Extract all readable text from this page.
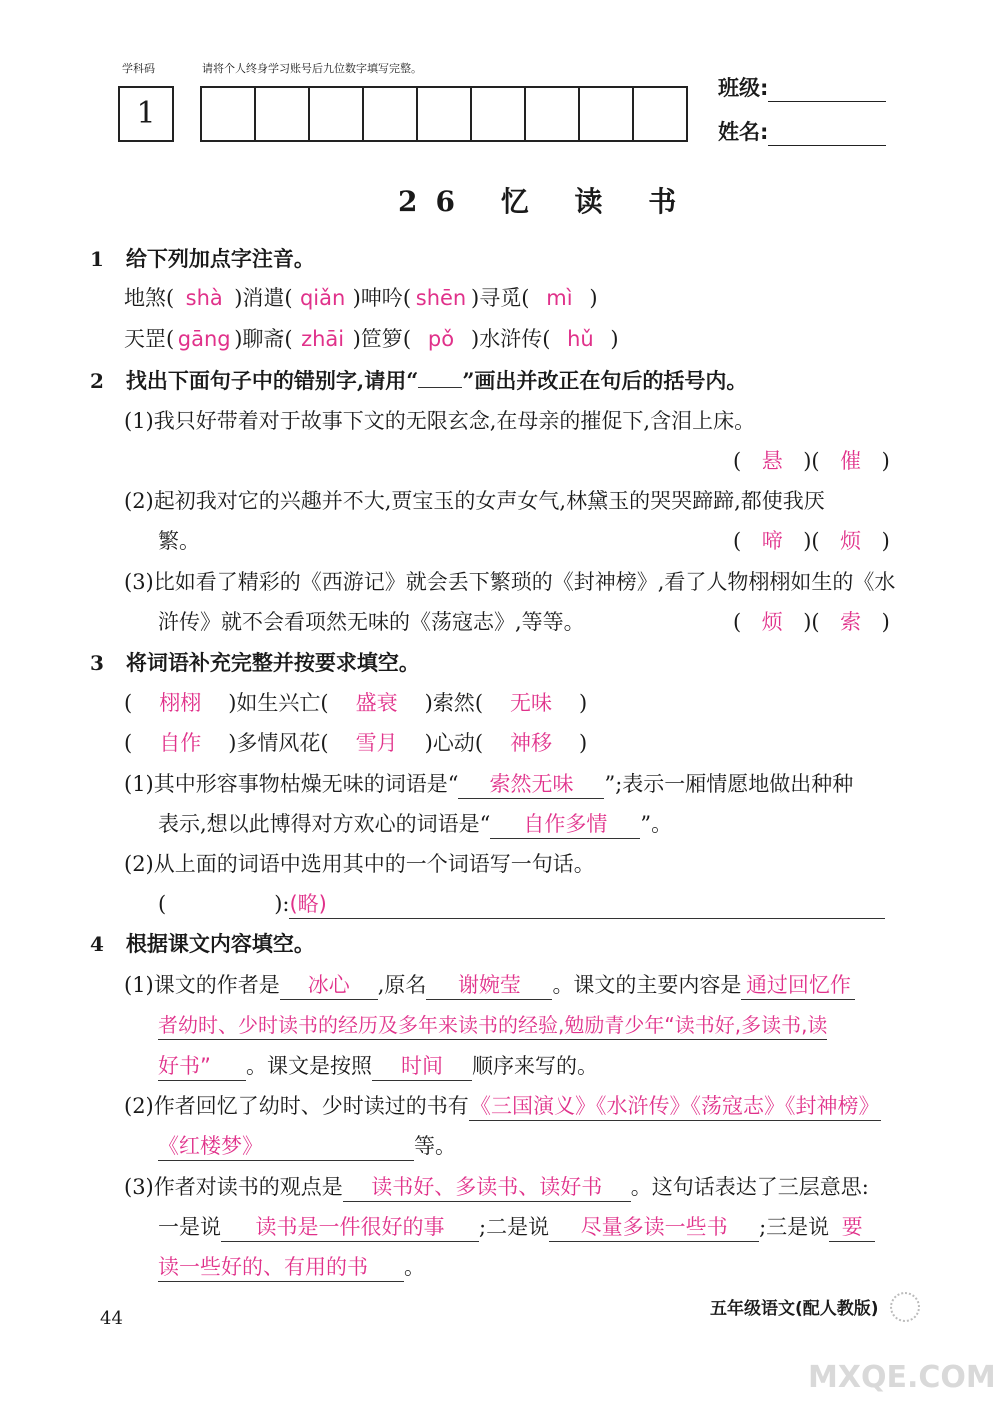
学科码	请将个人终身学习账号后九位数字填写完整。
1
班级:
姓名:
26 忆 读 书
1 给下列加点字注音。
地煞( shà )消遣( qiǎn )呻吟( shēn )寻觅( mì )
天罡( gāng )聊斋( zhāi )笸箩( pǒ )水浒传( hǔ )
2 找出下面句子中的错别字,请用“ ”画出并改正在句后的括号内。
(1)我只好带着对于故事下文的无限玄念,在母亲的摧促下,含泪上床。
( 悬 )( 催 )
(2)起初我对它的兴趣并不大,贾宝玉的女声女气,林黛玉的哭哭蹄蹄,都使我厌
繁。	( 啼 )( 烦 )
(3)比如看了精彩的《西游记》就会丢下繁琐的《封神榜》,看了人物栩栩如生的《水
浒传》就不会看项然无味的《荡寇志》,等等。	( 烦 )( 索 )
3 将词语补充完整并按要求填空。
( 栩栩 )如生兴亡( 盛衰 )索然( 无味 )
( 自作 )多情风花( 雪月 )心动( 神移 )
(1)其中形容事物枯燥无味的词语是“ 索然无味 ”;表示一厢情愿地做出种种
表示,想以此博得对方欢心的词语是“ 自作多情 ”。
(2)从上面的词语中选用其中的一个词语写一句话。
(	):(略)
4 根据课文内容填空。
(1)课文的作者是 冰心 ,原名 谢婉莹 。课文的主要内容是 通过回忆作
者幼时、少时读书的经历及多年来读书的经验,勉励青少年“读书好,多读书,读
好书” 。课文是按照 时间 顺序来写的。
(2)作者回忆了幼时、少时读过的书有《三国演义》《水浒传》《荡寇志》《封神榜》
《红楼梦》	等。
(3)作者对读书的观点是 读书好、多读书、读好书 。这句话表达了三层意思:
一是说 读书是一件很好的事 ;二是说 尽量多读一些书 ;三是说 要
读一些好的、有用的书 。
44	五年级语文(配人教版)
MXQE.COM
